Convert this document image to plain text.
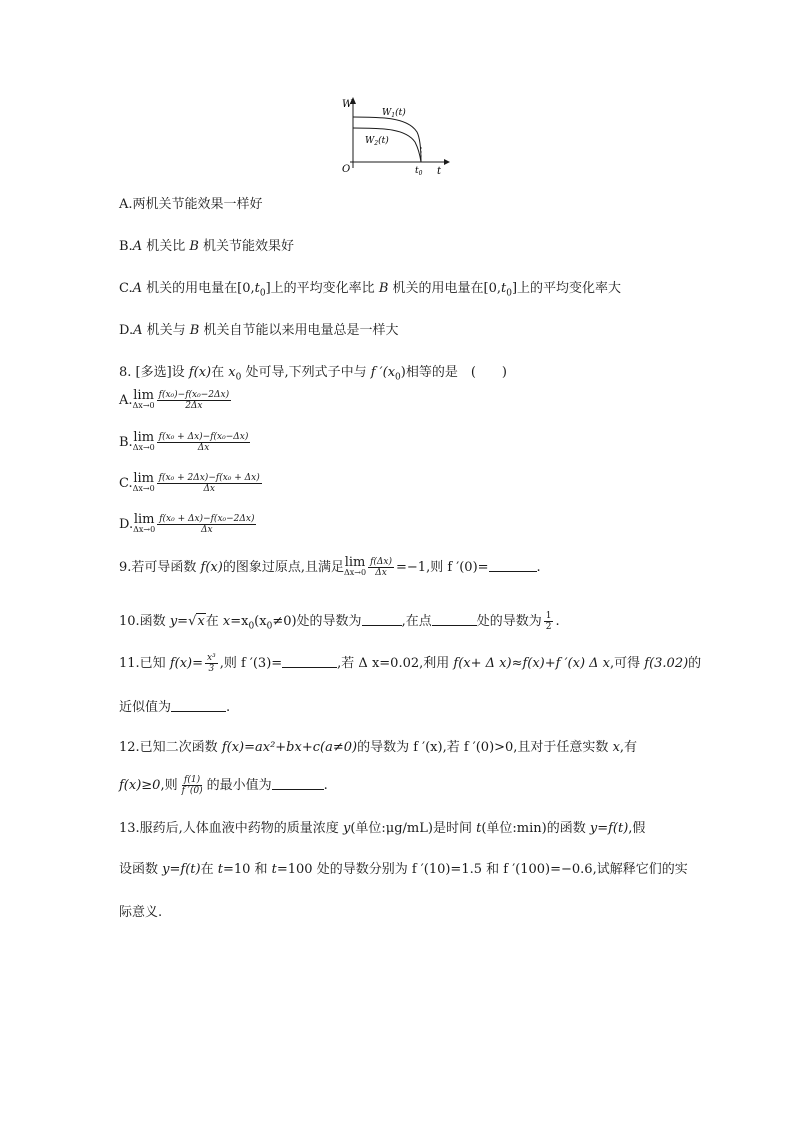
W
t
O
$W_1(t)$
$W_2(t)$
$t_0$
A.两机关节能效果一样好
B.A 机关比 B 机关节能效果好
C.A 机关的用电量在$[0,t_0]$上的平均变化率比 B 机关的用电量在$[0,t_0]$上的平均变化率大
D.A 机关与 B 机关自节能以来用电量总是一样大
8. [多选]设 f(x)在 $x_0$ 处可导,下列式子中与 f $'(x_0)$相等的是　(　　)
A. lim
$\Delta x\to 0 \frac{\text{f(x₀)−f(x₀−2Δx)}}{2\Delta x}$
B. lim
$\Delta x\to 0 \frac{\text{f(x₀ + Δx)−f(x₀−Δx)}}{\Delta x}$
C. lim
$\Delta x\to 0 \frac{\text{f(x₀ + 2Δx)−f(x₀ + Δx)}}{\Delta x}$
D. lim
$\Delta x\to 0 \frac{\text{f(x₀ + Δx)−f(x₀−2Δx)}}{\Delta x}$
9.若可导函数 f(x)的图象过原点,且满足 lim
$\Delta x\to 0 \frac{f(\Delta x)}{\Delta x} =-1$,则 f ′(0)=	.
10.函数 y=√x在 $x=x_0(x_0\ne 0)$处的导数为	,在点	处的导数为 $\frac{1}{2}$ .
11.已知 $f(x)= \frac{\text{x³}}{3}$ ,则 f ′(3)=	,若 Δ x=0.02,利用 f(x+ Δ x)≈f(x)+f ′(x) Δ x,可得 f(3.02)的
近似值为	.
12.已知二次函数 f(x)=ax²+bx+c(a≠0)的导数为 f ′(x),若 f ′(0)>0,且对于任意实数 x,有
f(x)≥0,则 $\frac{f(1)}{f '(0)}$ 的最小值为	.
13.服药后,人体血液中药物的质量浓度 y(单位:μg/mL)是时间 t(单位:min)的函数 y=f(t),假
设函数 y=f(t)在 t=10 和 t=100 处的导数分别为 f ′(10)=1.5 和 f ′(100)=−0.6,试解释它们的实
际意义.
